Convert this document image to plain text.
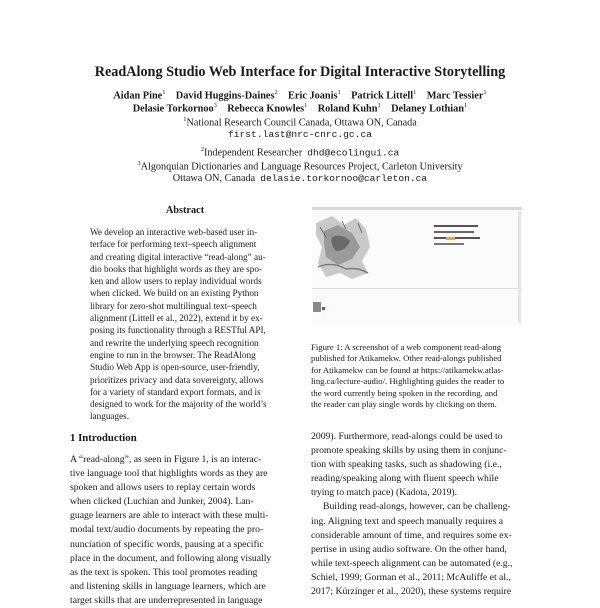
ReadAlong Studio Web Interface for Digital Interactive Storytelling
Aidan Pine$^1$ David Huggins-Daines$^2$ Eric Joanis$^1$ Patrick Littell$^1$ Marc Tessier$^1$
Delasie Torkornoo$^3$ Rebecca Knowles$^1$ Roland Kuhn$^1$ Delaney Lothian$^1$
$^1$National Research Council Canada, Ottawa ON, Canada
first.last@nrc-cnrc.gc.ca
$^2$Independent Researcher dhd@ecolingui.ca
$^3$Algonquian Dictionaries and Language Resources Project, Carleton University
Ottawa ON, Canada delasie.torkornoo@carleton.ca
Abstract
We develop an interactive web-based user in-
terface for performing text–speech alignment
and creating digital interactive “read-along” au-
dio books that highlight words as they are spo-
ken and allow users to replay individual words
when clicked. We build on an existing Python
library for zero-shot multilingual text–speech
alignment (Littell et al., 2022), extend it by ex-
posing its functionality through a RESTful API,
and rewrite the underlying speech recognition
engine to run in the browser. The ReadAlong
Studio Web App is open-source, user-friendly,
prioritizes privacy and data sovereignty, allows
for a variety of standard export formats, and is
designed to work for the majority of the world’s
languages.
Figure 1: A screenshot of a web component read-along
published for Atikamekw. Other read-alongs published
for Atikamekw can be found at https://atikamekw.atlas-
ling.ca/lecture-audio/. Highlighting guides the reader to
the word currently being spoken in the recording, and
the reader can play single words by clicking on them.
1 Introduction
A “read-along”, as seen in Figure 1, is an interac-
tive language tool that highlights words as they are
spoken and allows users to replay certain words
when clicked (Luchian and Junker, 2004). Lan-
guage learners are able to interact with these multi-
modal text/audio documents by repeating the pro-
nunciation of specific words, pausing at a specific
place in the document, and following along visually
as the text is spoken. This tool promotes reading
and listening skills in language learners, which are
target skills that are underrepresented in language
2009). Furthermore, read-alongs could be used to
promote speaking skills by using them in conjunc-
tion with speaking tasks, such as shadowing (i.e.,
reading/speaking along with fluent speech while
trying to match pace) (Kadota, 2019).
Building read-alongs, however, can be challeng-
ing. Aligning text and speech manually requires a
considerable amount of time, and requires some ex-
pertise in using audio software. On the other hand,
while text-speech alignment can be automated (e.g.,
Schiel, 1999; Gorman et al., 2011; McAuliffe et al.,
2017; Kürzinger et al., 2020), these systems require
